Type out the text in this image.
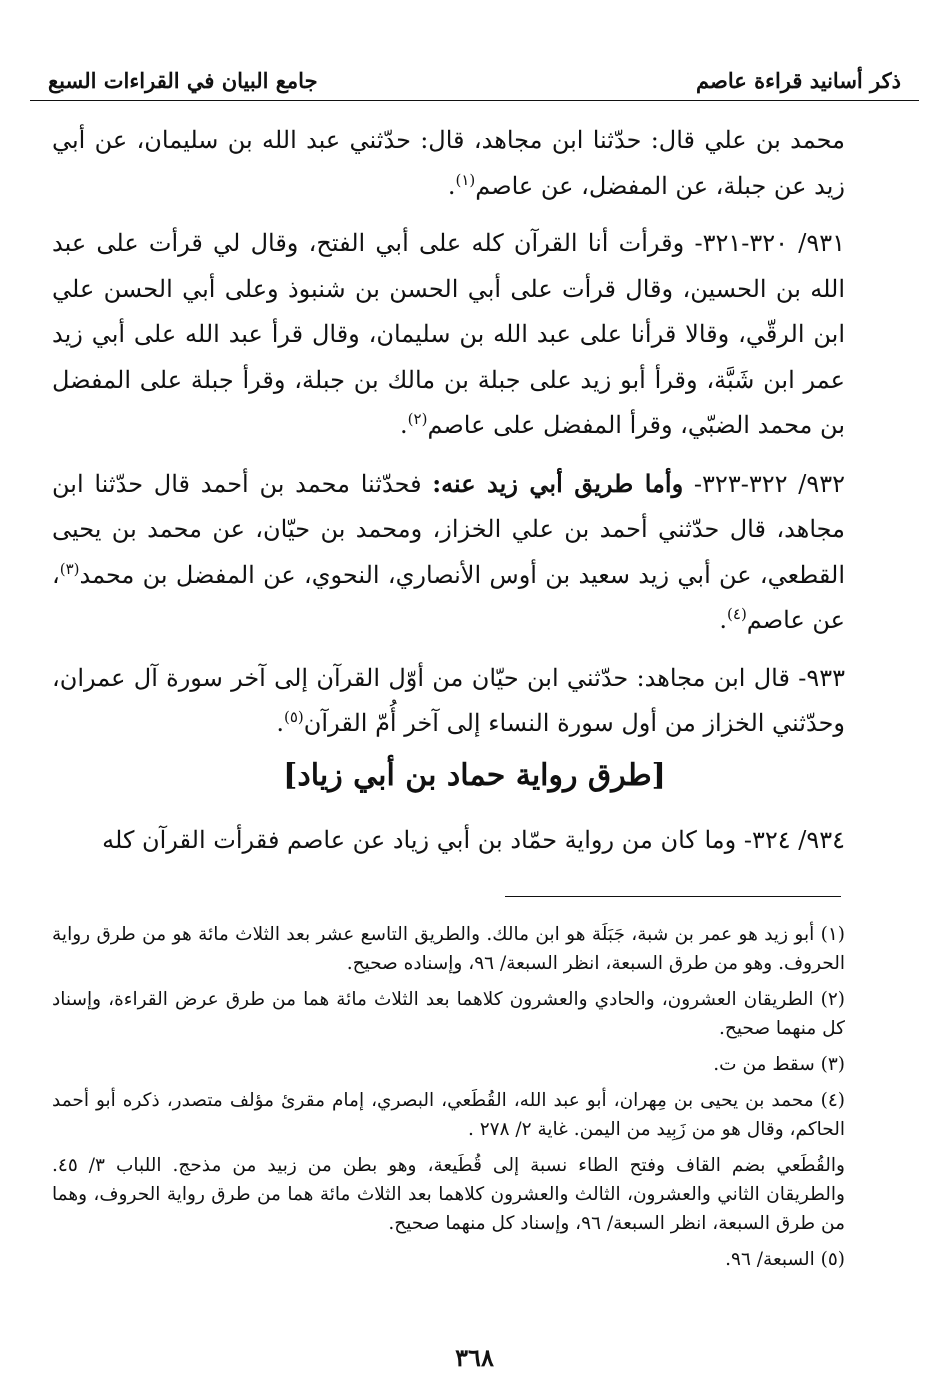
ذكر أسانيد قراءة عاصم
جامع البيان في القراءات السبع

محمد بن علي قال: حدّثنا ابن مجاهد، قال: حدّثني عبد الله بن سليمان، عن أبي زيد عن جبلة، عن المفضل، عن عاصم$^{(١)}$.

٩٣١/ ٣٢٠-٣٢١- وقرأت أنا القرآن كله على أبي الفتح، وقال لي قرأت على عبد الله بن الحسين، وقال قرأت على أبي الحسن بن شنبوذ وعلى أبي الحسن علي ابن الرقّي، وقالا قرأنا على عبد الله بن سليمان، وقال قرأ عبد الله على أبي زيد عمر ابن شَبَّة، وقرأ أبو زيد على جبلة بن مالك بن جبلة، وقرأ جبلة على المفضل بن محمد الضبّي، وقرأ المفضل على عاصم$^{(٢)}$.

٩٣٢/ ٣٢٢-٣٢٣- وأما طريق أبي زيد عنه: فحدّثنا محمد بن أحمد قال حدّثنا ابن مجاهد، قال حدّثني أحمد بن علي الخزاز، ومحمد بن حيّان، عن محمد بن يحيى القطعي، عن أبي زيد سعيد بن أوس الأنصاري، النحوي، عن المفضل بن محمد$^{(٣)}$، عن عاصم$^{(٤)}$.

٩٣٣- قال ابن مجاهد: حدّثني ابن حيّان من أوّل القرآن إلى آخر سورة آل عمران، وحدّثني الخزاز من أول سورة النساء إلى آخر أُمّ القرآن$^{(٥)}$.

[طرق رواية حماد بن أبي زياد]
٩٣٤/ ٣٢٤- وما كان من رواية حمّاد بن أبي زياد عن عاصم فقرأت القرآن كله

(١) أبو زيد هو عمر بن شبة، جَبَلَة هو ابن مالك. والطريق التاسع عشر بعد الثلاث مائة هو من طرق رواية الحروف. وهو من طرق السبعة، انظر السبعة/ ٩٦، وإسناده صحيح.

(٢) الطريقان العشرون، والحادي والعشرون كلاهما بعد الثلاث مائة هما من طرق عرض القراءة، وإسناد كل منهما صحيح.

(٣) سقط من ت.

(٤) محمد بن يحيى بن مِهران، أبو عبد الله، القُطَعي، البصري، إمام مقرئ مؤلف متصدر، ذكره أبو أحمد الحاكم، وقال هو من زَبِيد من اليمن. غاية ٢/ ٢٧٨ .

والقُطَعي بضم القاف وفتح الطاء نسبة إلى قُطَيعة، وهو بطن من زبيد من مذحج. اللباب ٣/ ٤٥. والطريقان الثاني والعشرون، الثالث والعشرون كلاهما بعد الثلاث مائة هما من طرق رواية الحروف، وهما من طرق السبعة، انظر السبعة/ ٩٦، وإسناد كل منهما صحيح.

(٥) السبعة/ ٩٦.

٣٦٨
